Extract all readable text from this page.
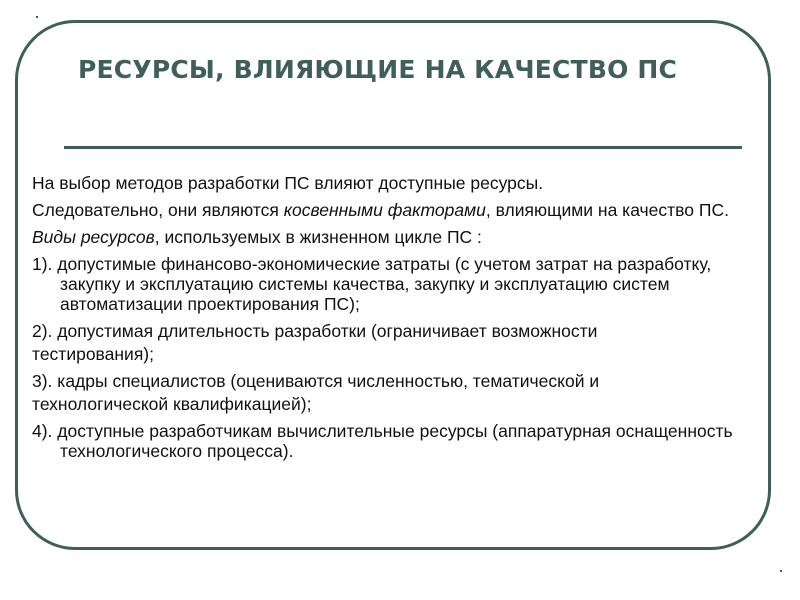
РЕСУРСЫ, ВЛИЯЮЩИЕ НА КАЧЕСТВО ПС

На выбор методов разработки ПС влияют доступные ресурсы.

Следовательно, они являются косвенными факторами, влияющими на качество ПС.

Виды ресурсов, используемых в жизненном цикле ПС :

1). допустимые финансово-экономические затраты (с учетом затрат на разработку, закупку и эксплуатацию системы качества, закупку и эксплуатацию систем автоматизации проектирования ПС);

2). допустимая длительность разработки (ограничивает возможности

тестирования);

3). кадры специалистов (оцениваются численностью, тематической и

технологической квалификацией);

4). доступные разработчикам вычислительные ресурсы (аппаратурная оснащенность технологического процесса).
